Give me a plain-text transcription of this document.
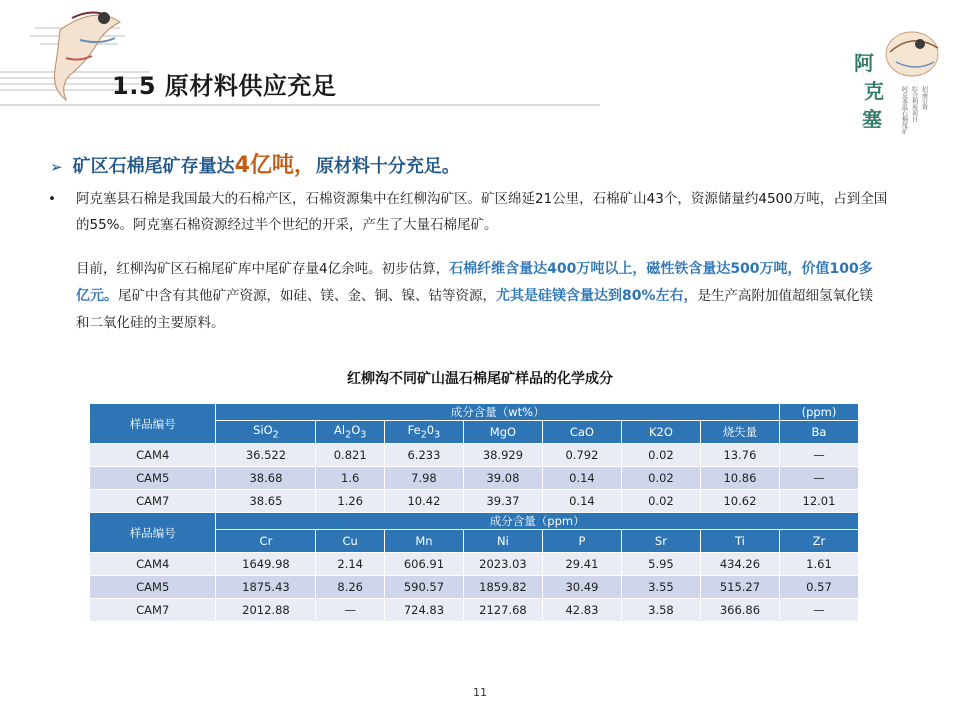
阿
克
塞	阿克塞温石棉尾矿 综合利用项目 招商引资
1.5 原材料供应充足
➢ 矿区石棉尾矿存量达4亿吨，原材料十分充足。
• 阿克塞县石棉是我国最大的石棉产区，石棉资源集中在红柳沟矿区。矿区绵延21公里，石棉矿山43个，资源储量约4500万吨，占到全国的55%。阿克塞石棉资源经过半个世纪的开采，产生了大量石棉尾矿。
目前，红柳沟矿区石棉尾矿库中尾矿存量4亿余吨。初步估算，石棉纤维含量达400万吨以上，磁性铁含量达500万吨，价值100多亿元。尾矿中含有其他矿产资源，如硅、镁、金、铜、镍、钴等资源，尤其是硅镁含量达到80%左右，是生产高附加值超细氢氧化镁和二氧化硅的主要原料。
红柳沟不同矿山温石棉尾矿样品的化学成分
样品编号	成分含量（wt%）							(ppm)
	SiO$_2$	$Al_2O_3$	$Fe_20_3$	MgO	CaO	K2O	烧失量	Ba
CAM4	36.522	0.821	6.233	38.929	0.792	0.02	13.76	—
CAM5	38.68	1.6	7.98	39.08	0.14	0.02	10.86	—
CAM7	38.65	1.26	10.42	39.37	0.14	0.02	10.62	12.01
样品编号	成分含量（ppm）							
	Cr	Cu	Mn	Ni	P	Sr	Ti	Zr
CAM4	1649.98	2.14	606.91	2023.03	29.41	5.95	434.26	1.61
CAM5	1875.43	8.26	590.57	1859.82	30.49	3.55	515.27	0.57
CAM7	2012.88	—	724.83	2127.68	42.83	3.58	366.86	—
11
